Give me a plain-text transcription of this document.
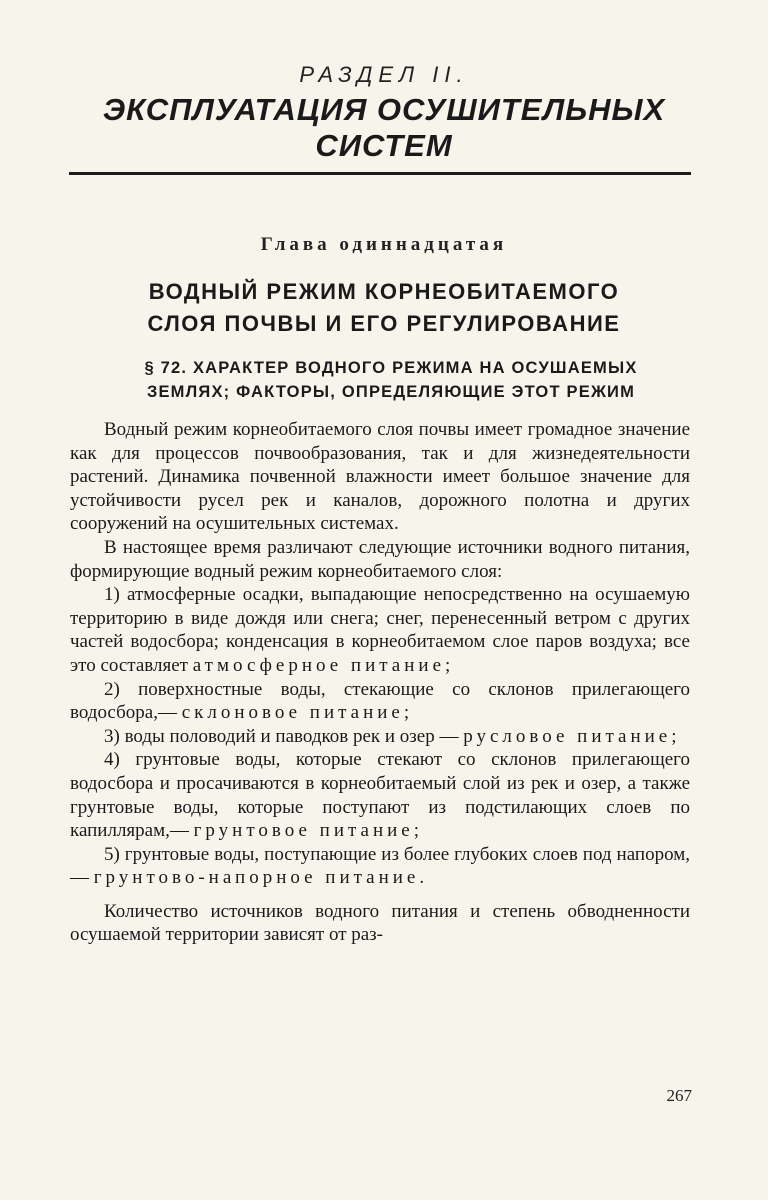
РАЗДЕЛ II.
ЭКСПЛУАТАЦИЯ ОСУШИТЕЛЬНЫХ
СИСТЕМ
Глава одиннадцатая
ВОДНЫЙ РЕЖИМ КОРНЕОБИТАЕМОГО
СЛОЯ ПОЧВЫ И ЕГО РЕГУЛИРОВАНИЕ
§ 72. ХАРАКТЕР ВОДНОГО РЕЖИМА НА ОСУШАЕМЫХ
ЗЕМЛЯХ; ФАКТОРЫ, ОПРЕДЕЛЯЮЩИЕ ЭТОТ РЕЖИМ

Водный режим корнеобитаемого слоя почвы имеет громадное значение как для процессов почвообразования, так и для жизнедеятельности растений. Динамика почвенной влажности имеет большое значение для устойчивости русел рек и каналов, дорожного полотна и других сооружений на осушительных системах.

В настоящее время различают следующие источники водного питания, формирующие водный режим корнеобитаемого слоя:

1) атмосферные осадки, выпадающие непосредственно на осушаемую территорию в виде дождя или снега; снег, перенесенный ветром с других частей водосбора; конденсация в корнеобитаемом слое паров воздуха; все это составляет атмосферное питание;

2) поверхностные воды, стекающие со склонов прилегающего водосбора,— склоновое питание;

3) воды половодий и паводков рек и озер — русловое питание;

4) грунтовые воды, которые стекают со склонов прилегающего водосбора и просачиваются в корнеобитаемый слой из рек и озер, а также грунтовые воды, которые поступают из подстилающих слоев по капиллярам,— грунтовое питание;

5) грунтовые воды, поступающие из более глубоких слоев под напором,— грунтово-напорное питание.

Количество источников водного питания и степень обводненности осушаемой территории зависят от раз-

267
